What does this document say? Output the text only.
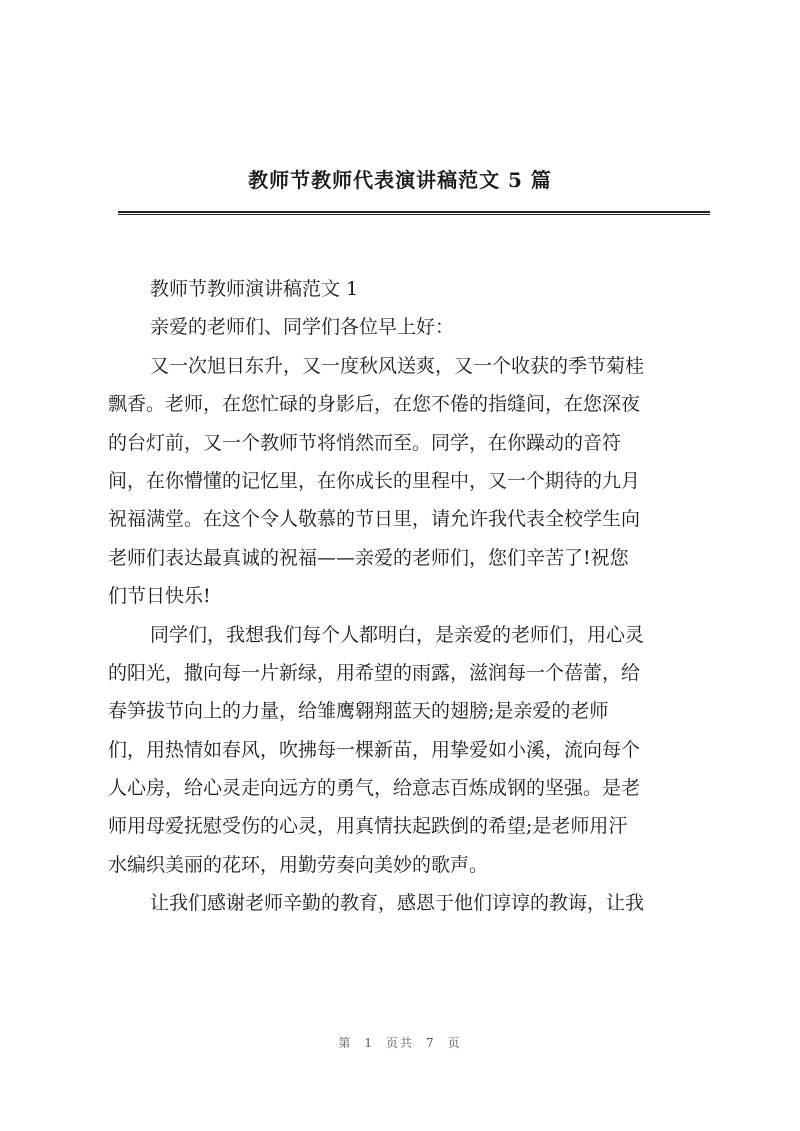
教师节教师代表演讲稿范文 5 篇
教师节教师演讲稿范文 1
亲爱的老师们、同学们各位早上好：
又一次旭日东升，又一度秋风送爽，又一个收获的季节菊桂
飘香。老师，在您忙碌的身影后，在您不倦的指缝间，在您深夜
的台灯前，又一个教师节将悄然而至。同学，在你躁动的音符
间，在你懵懂的记忆里，在你成长的里程中，又一个期待的九月
祝福满堂。在这个令人敬慕的节日里，请允许我代表全校学生向
老师们表达最真诚的祝福——亲爱的老师们，您们辛苦了!祝您
们节日快乐!
同学们，我想我们每个人都明白，是亲爱的老师们，用心灵
的阳光，撒向每一片新绿，用希望的雨露，滋润每一个蓓蕾，给
春笋拔节向上的力量，给雏鹰翱翔蓝天的翅膀;是亲爱的老师
们，用热情如春风，吹拂每一棵新苗，用挚爱如小溪，流向每个
人心房，给心灵走向远方的勇气，给意志百炼成钢的坚强。是老
师用母爱抚慰受伤的心灵，用真情扶起跌倒的希望;是老师用汗
水编织美丽的花环，用勤劳奏向美妙的歌声。
让我们感谢老师辛勤的教育，感恩于他们谆谆的教诲，让我
第 1 页共 7 页
